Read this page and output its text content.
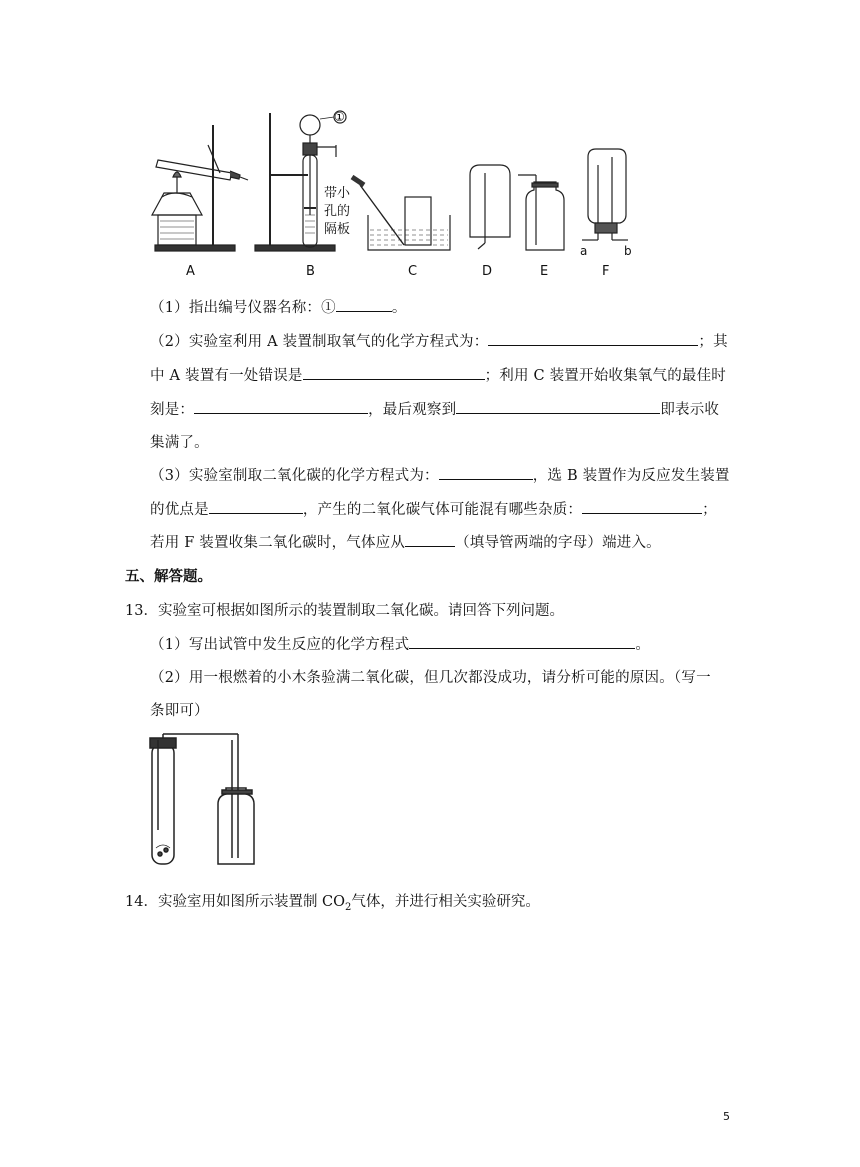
①
带小
孔的
隔板
a	b
A	B	C	D	E	F
（1）指出编号仪器名称：①	。
（2）实验室利用 A 装置制取氧气的化学方程式为：	；其
中 A 装置有一处错误是	；利用 C 装置开始收集氧气的最佳时
刻是：	，最后观察到	即表示收
集满了。
（3）实验室制取二氧化碳的化学方程式为：	，选 B 装置作为反应发生装置
的优点是	，产生的二氧化碳气体可能混有哪些杂质：	；
若用 F 装置收集二氧化碳时，气体应从	（填导管两端的字母）端进入。
五、解答题。
13．实验室可根据如图所示的装置制取二氧化碳。请回答下列问题。
（1）写出试管中发生反应的化学方程式	。
（2）用一根燃着的小木条验满二氧化碳，但几次都没成功，请分析可能的原因。（写一
条即可）
14．实验室用如图所示装置制 $CO_2$气体，并进行相关实验研究。
5
